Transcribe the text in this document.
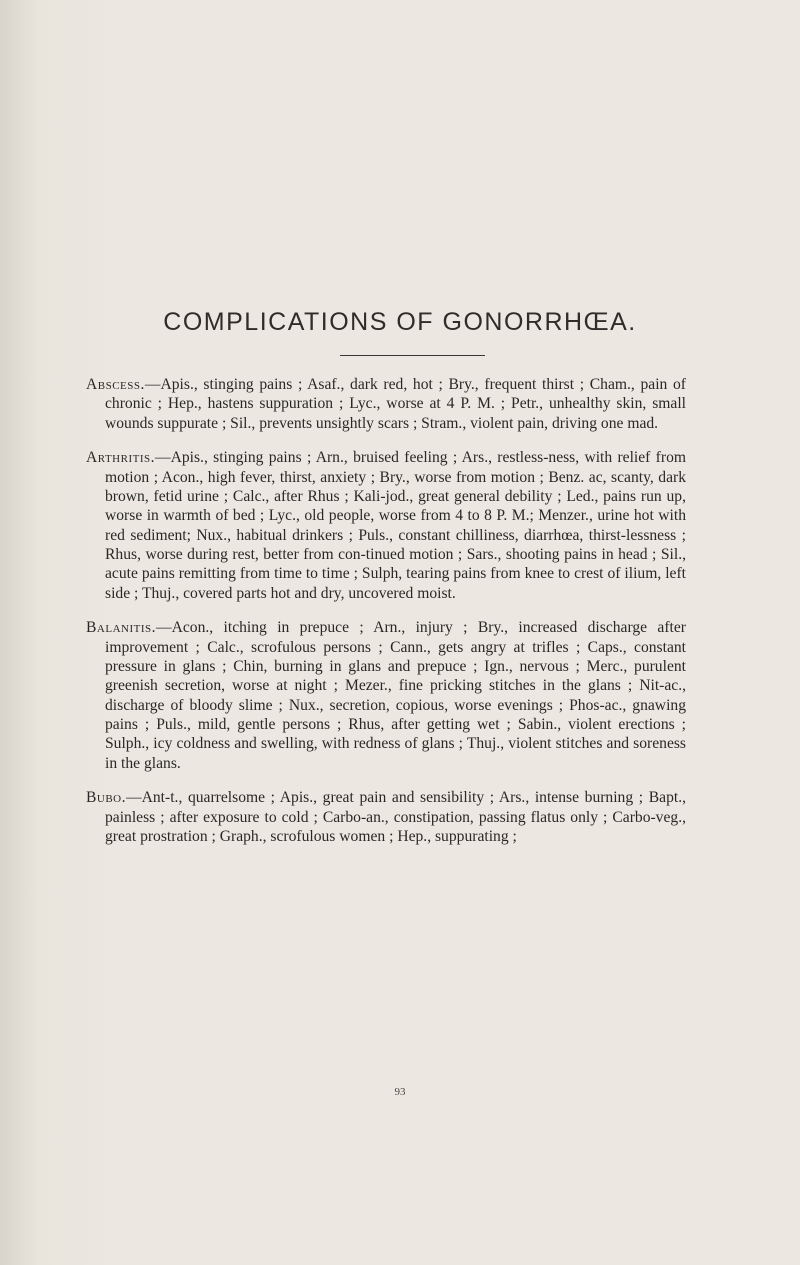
COMPLICATIONS OF GONORRHŒA.

Abscess.—Apis., stinging pains ; Asaf., dark red, hot ; Bry., frequent thirst ; Cham., pain of chronic ; Hep., hastens suppuration ; Lyc., worse at 4 P. M. ; Petr., unhealthy skin, small wounds suppurate ; Sil., prevents unsightly scars ; Stram., violent pain, driving one mad.

Arthritis.—Apis., stinging pains ; Arn., bruised feeling ; Ars., restless-ness, with relief from motion ; Acon., high fever, thirst, anxiety ; Bry., worse from motion ; Benz. ac, scanty, dark brown, fetid urine ; Calc., after Rhus ; Kali-jod., great general debility ; Led., pains run up, worse in warmth of bed ; Lyc., old people, worse from 4 to 8 P. M.; Menzer., urine hot with red sediment; Nux., habitual drinkers ; Puls., constant chilliness, diarrhœa, thirst-lessness ; Rhus, worse during rest, better from con-tinued motion ; Sars., shooting pains in head ; Sil., acute pains remitting from time to time ; Sulph, tearing pains from knee to crest of ilium, left side ; Thuj., covered parts hot and dry, uncovered moist.

Balanitis.—Acon., itching in prepuce ; Arn., injury ; Bry., increased discharge after improvement ; Calc., scrofulous persons ; Cann., gets angry at trifles ; Caps., constant pressure in glans ; Chin, burning in glans and prepuce ; Ign., nervous ; Merc., purulent greenish secretion, worse at night ; Mezer., fine pricking stitches in the glans ; Nit-ac., discharge of bloody slime ; Nux., secretion, copious, worse evenings ; Phos-ac., gnawing pains ; Puls., mild, gentle persons ; Rhus, after getting wet ; Sabin., violent erections ; Sulph., icy coldness and swelling, with redness of glans ; Thuj., violent stitches and soreness in the glans.

Bubo.—Ant-t., quarrelsome ; Apis., great pain and sensibility ; Ars., intense burning ; Bapt., painless ; after exposure to cold ; Carbo-an., constipation, passing flatus only ; Carbo-veg., great prostration ; Graph., scrofulous women ; Hep., suppurating ;

93
